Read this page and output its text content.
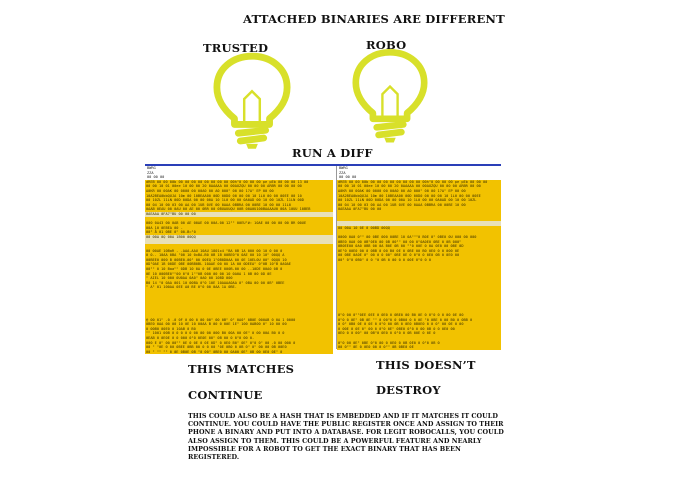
ATTACHED BINARIES ARE DIFFERENT
TRUSTED	ROBO
RUN A DIFF
BWRG
ZZA
00 00 00
dREB 00 00 00b 00 00 00 00 00 00 00 00 00h"0 00 00 00 pe pEb 00 00 00 13 00
00 00 10 01 00ee 10 00 00 20 0AAAAA 00 00AUZQU 00 00 00 ARBR 00 00 00 00
A0KR 00 00AK 00 0000 00 00A0 00 A0 000" 00 00 1?A" EP 00 00
10A2BEA0bbQUJA 10m 00 10BEAA00 00D 00D0 00 00 00 10 1L0 00 00 00EE 00 10
00 10ZL 11LN 00D 00DA 00 00 00A 10 1L0 00 00 0A0AD 00 10 00 10ZL 11LN 00D
00 04 10 00 03 00 AA 00 1UB 0VE 00 0AAA 0BBRA 00 00BE 10 00 00 11L0
0AAB 0EAU 00 0AU 00 AE 00 0BR 00 0BUAUUQU 00B 00A0U100BAAAAU0 00A 10UU 10BEB
0AEAAA 0FA7"BU 00 00 00
000 0A43 00 0AB 00 AE 00AE 00 00A-00 12"" 00EU"#: 10AE 00 00 00 00 BR 00UE
00A 10 0EBEA 00 -
00" Å 01 0BE 0" 00-B="0
00 00A 0Q 00A 1B00 00QQ
00 00AE 10BaR - .AAA-AAU 10AU 1801x4 "BA 0B 1A 000 00 10 0 00 0
0 0.. 10AA 0BA "00 10 0xBA-B0 0B 1B 00BE0"0 0AE 00 10 10" 00QQ A
00BEE0 000 B 00BE0.00" 00 00EQ 1"0B0D0AA 00 0E 10EL0U 00" 0QQU 10
0D"0AE 1B 00DE 0BE 00BB0BL 10AAE 00 0U 1A 00 0DEEA" 0"0B 10"B 0A0AE
00"" 0 10 Baa"" 0DB 10 0A 0 0E 0BEE 000B-00 00 ..10DE 00A0 0B 0
0E 10 000BE0""00 0"0 1""0B 000 00 00 10 0A0A 1 0B 00 0D 0E
" AIEL 10 000 0U0AA 0A0" 0A0 00 10BD 000
B0 14 "0 0AA 001 10 00BA 0"0 10E 10AAAA0AA 0" 0BA 00 00 0B" 0BEE
" A" 01 100AA 0EE A0 BE 0"0 00 0AA 1A 0BE.
@ 00 01" .0 .0 0F 0 00 0 00 00" 00 0B" 0" 0A0" 0B0E 000AB 0 0A 1 0000
0BE0 0AA 00 00 10 0E 10 00AA B 00 0 00E 1E" 100 0AB00 0" 10 00 00
0 00B0 00E0 0 10AB 0 B0
"" 1001 00B 0 0 0 0 0 00 00 00 000 B0 00A 00 0E" 0 00 00A B0 0 0
0EAB 0 0E0E 0 0 000 0"0 0E0E 00" 0B 00 0 0"0 00 0.
000 E 0" 00 00"" 0E 0 0E 0 0E 0D" 0 0E0 B0" 0E" 0"0 0" 00 .0 00 000 0
00 " "0E 0 00 0BEE 0BB 00 0 0 00 "0E 0B0 0 0B 0" 0" 00 00 0B 00E0
00 " "" "" 0 0E 0B0E 0B "0 00" 0BE0 00 0A00 0E" 0B 00 0E0 0E" 0
BWRG
ZZA
00 00 00
dREB 00 00 00b 00 00 00 00 00 00 00 00 00h"0 00 00 00 pe pEb 00 00 00
00 00 10 01 00ee 10 00 00 20 0AAAAA 00 00AUZQU 00 00 00 ARBR 00 00
A0KR 00 00AK 00 0000 00 00A0 00 A0 000" 00 00 1?A" EP 00 00
10A2BEA0bbQUJA 10m 00 10BEAA00 00D 00D0 00 00 00 10 1L0 00 00 00EE
00 10ZL 11LN 00D 00DA 00 00 00A 10 1L0 00 00 0A0AD 00 10 00 10ZL
00 04 10 00 03 00 AA 00 1UB 0VE 00 0AAA 0BBRA 00 00BE 10 00
0AEAAA 0FA7"BU 00 00
00 00A 10 0E 0 00BD 00QQ
0000 0A0 0"" 00 0BE 000 00BE 10 0A"""0 B0E 0" 0BE0 0U 000 00 000
0BE0 0A0 00 0B"0E0 00 0B 00"" 00 00 0"0A0E0 0BE 0 0B 000"
0B0EE00 0A0 0BB 00 0A B0E 0B 00 ""0 00E 0 0A 0E0 00 0BE 0D
0E"0 00E0 00 0 0BB 0 00 B0 0E 0 0BE 00 B0 0E0 0 0 000 0E
00 0BE 0A0E 0" 00 0 0 00" 0BE 0E 0 0"0 0 0E0 0B 0 0E0 00
00" 0"0 0B0" 0 0 "0 0B 0 00 0 0 00E 0"0 0 0
0"0 00 0""0EE 0EE 0 0E0 0 0BE0 00 B0 0E 0 0"0 0 0 00 0E 00
0"0 0 0E" 0B 0E "" 0 00"0 0 0B00 0 0 0E "0 0BE 0 00 B0 0 0BB 0
0 0" 0B0 0E 0 0E 0 0"0 00 0B 0 0E0 0B0E0 0 0 0" 00 0E 0 00
0 00E 0 0E 0" 00 0 0"0 0E" 0BE0 0"0 0 00 0B 0 0 0E0 00
0E0 0 0 00" 00 0B"0 0E0 0 0"0 0 0B 00E 0 0E 0
0"0 00 0E" 0BE 0"0 00 0 0E0 0 0B 0E0 0 0"0 0B 0
00 0"" 0E 0 0E0 00 0 0"" 0B 0BE0 0E
THIS MATCHES
CONTINUE
THIS DOESN’T
DESTROY
THIS COULD ALSO BE A HASH THAT IS EMBEDDED AND IF IT MATCHES IT COULD CONTINUE. YOU COULD HAVE THE PUBLIC REGISTER ONCE AND ASSIGN TO THEIR PHONE A BINARY AND PUT INTO A DATABASE. FOR LEGIT ROBOCALLS, YOU COULD ALSO ASSIGN TO THEM. THIS COULD BE A POWERFUL FEATURE AND NEARLY IMPOSSIBLE FOR A ROBOT TO GET THE EXACT BINARY THAT HAS BEEN REGISTERED.
